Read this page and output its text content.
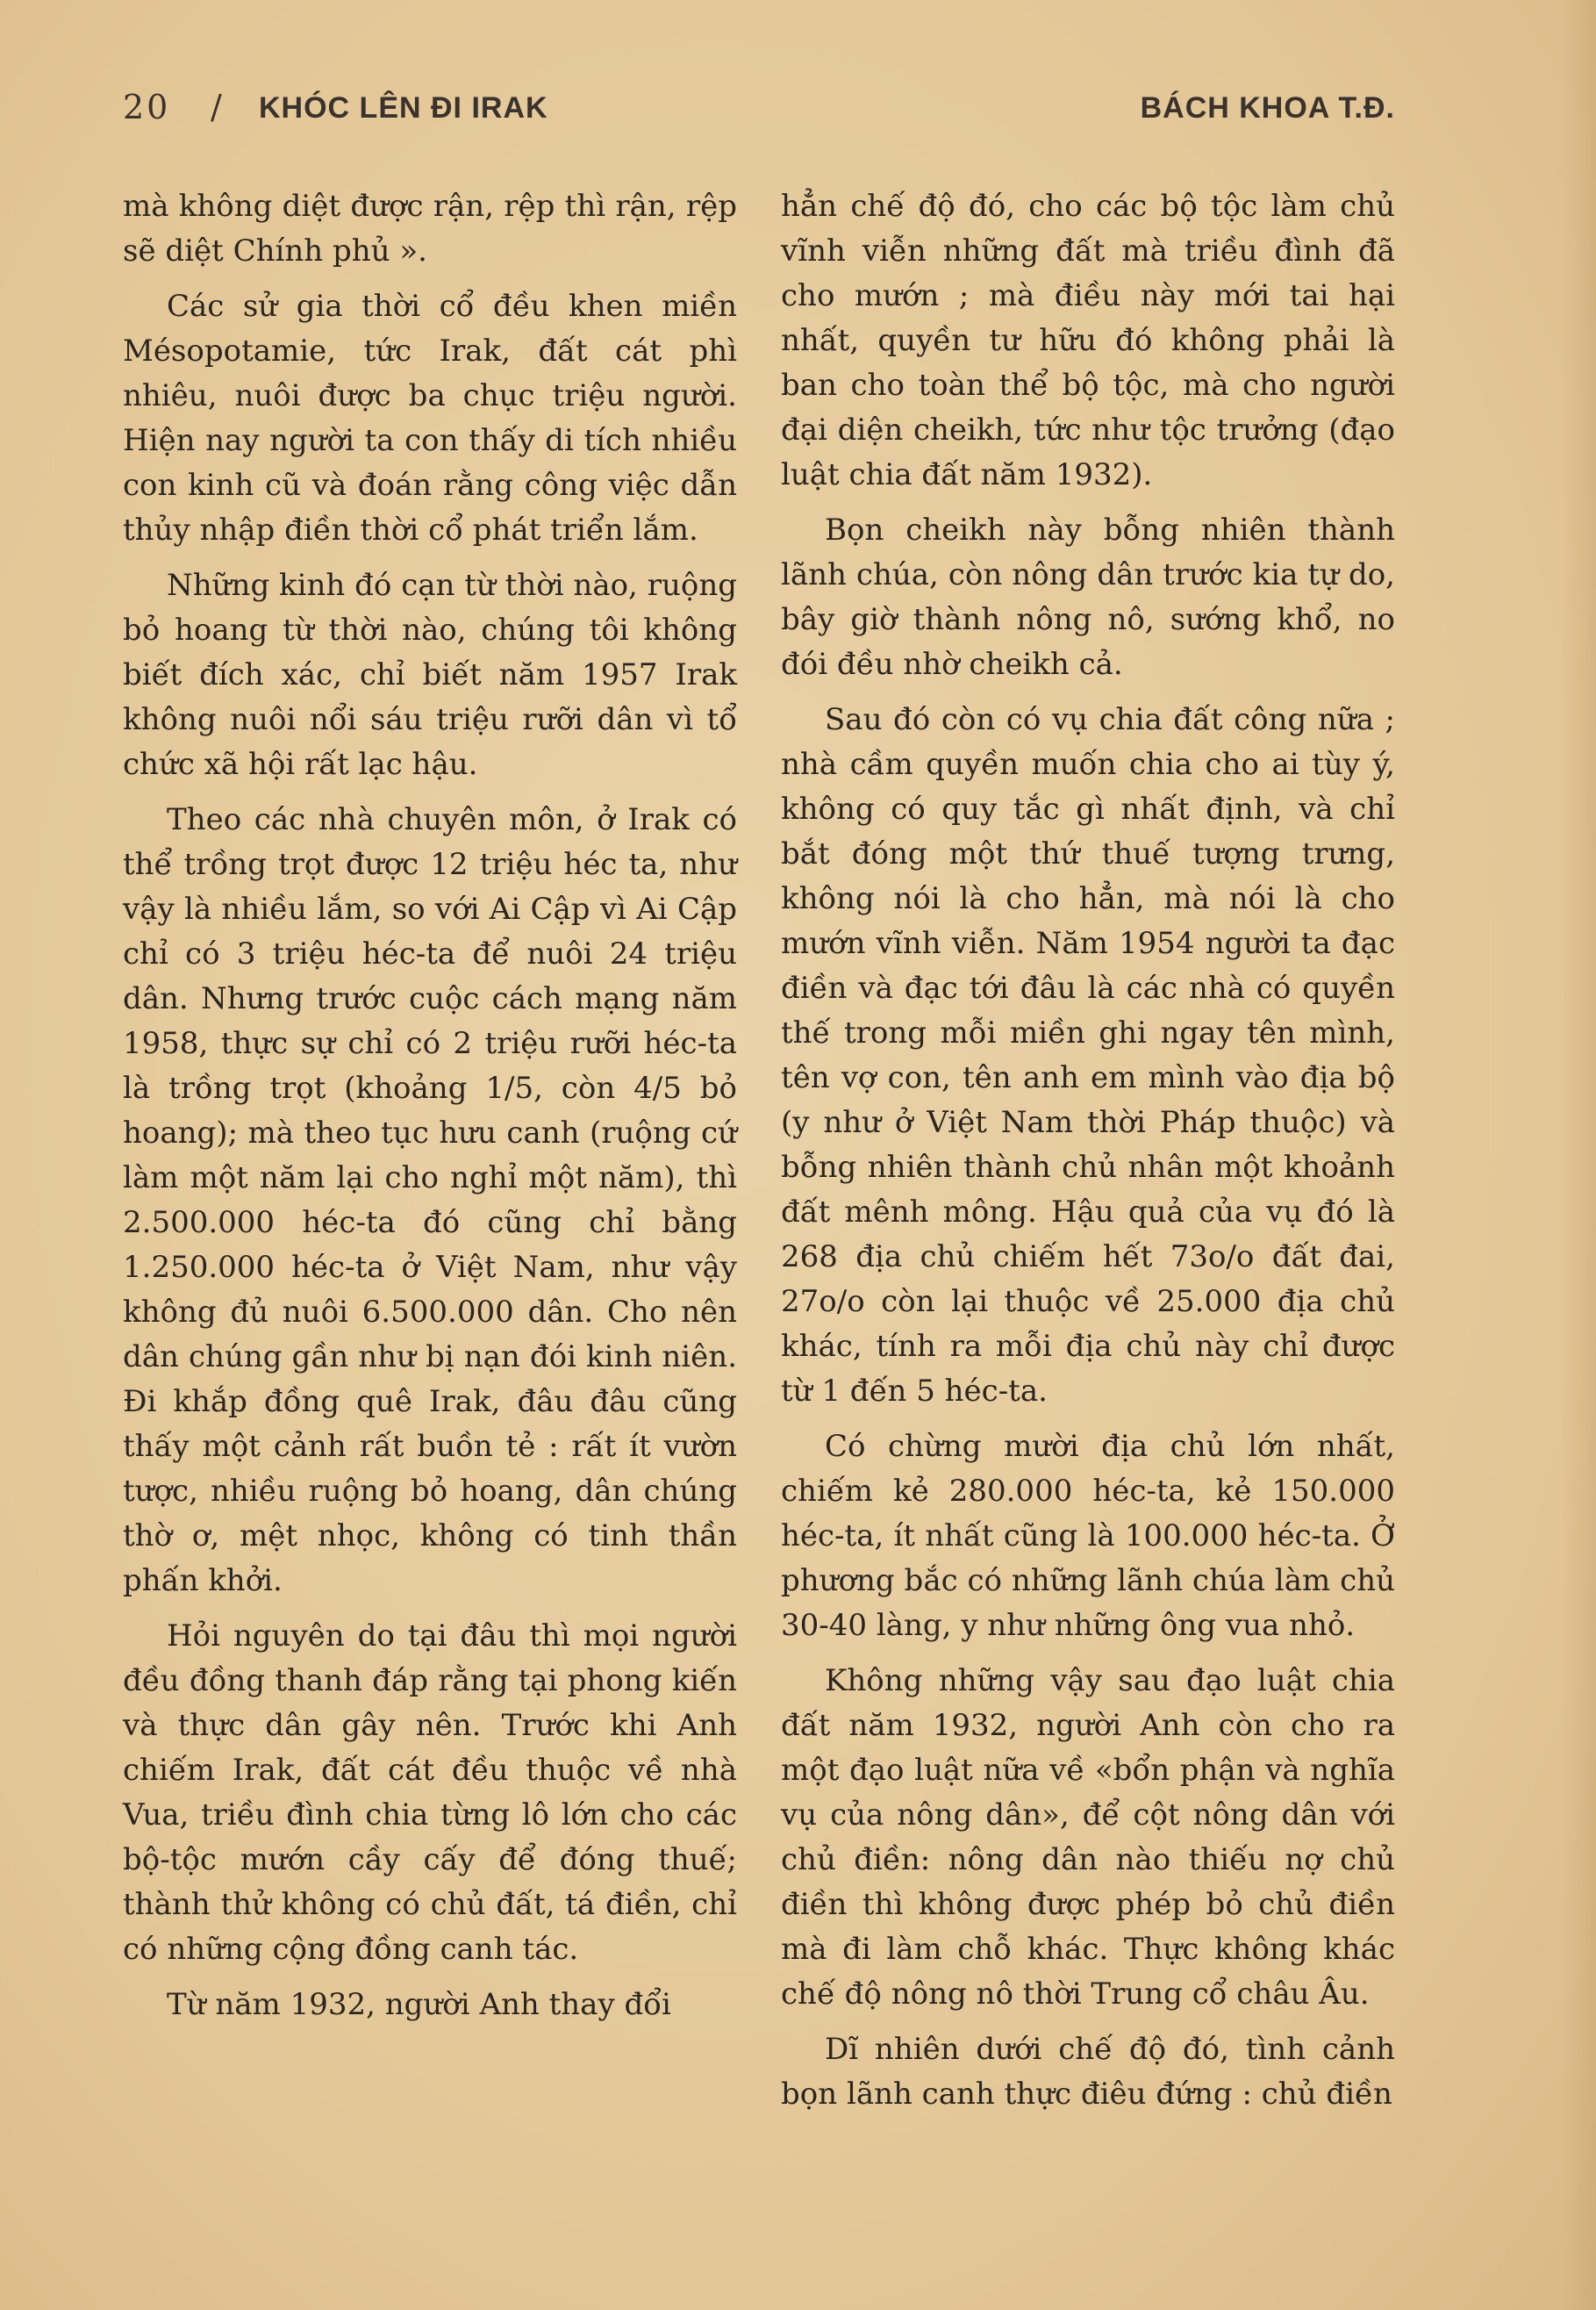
20 / KHÓC LÊN ĐI IRAK	BÁCH KHOA T.Đ.

mà không diệt được rận, rệp thì rận, rệp sẽ diệt Chính phủ ».

Các sử gia thời cổ đều khen miền Mésopotamie, tức Irak, đất cát phì nhiêu, nuôi được ba chục triệu người. Hiện nay người ta con thấy di tích nhiều con kinh cũ và đoán rằng công việc dẫn thủy nhập điền thời cổ phát triển lắm.

Những kinh đó cạn từ thời nào, ruộng bỏ hoang từ thời nào, chúng tôi không biết đích xác, chỉ biết năm 1957 Irak không nuôi nổi sáu triệu rưỡi dân vì tổ chức xã hội rất lạc hậu.

Theo các nhà chuyên môn, ở Irak có thể trồng trọt được 12 triệu héc ta, như vậy là nhiều lắm, so với Ai Cập vì Ai Cập chỉ có 3 triệu héc-ta để nuôi 24 triệu dân. Nhưng trước cuộc cách mạng năm 1958, thực sự chỉ có 2 triệu rưỡi héc-ta là trồng trọt (khoảng 1/5, còn 4/5 bỏ hoang); mà theo tục hưu canh (ruộng cứ làm một năm lại cho nghỉ một năm), thì 2.500.000 héc-ta đó cũng chỉ bằng 1.250.000 héc-ta ở Việt Nam, như vậy không đủ nuôi 6.500.000 dân. Cho nên dân chúng gần như bị nạn đói kinh niên. Đi khắp đồng quê Irak, đâu đâu cũng thấy một cảnh rất buồn tẻ : rất ít vườn tược, nhiều ruộng bỏ hoang, dân chúng thờ ơ, mệt nhọc, không có tinh thần phấn khởi.

Hỏi nguyên do tại đâu thì mọi người đều đồng thanh đáp rằng tại phong kiến và thực dân gây nên. Trước khi Anh chiếm Irak, đất cát đều thuộc về nhà Vua, triều đình chia từng lô lớn cho các bộ-tộc mướn cầy cấy để đóng thuế; thành thử không có chủ đất, tá điền, chỉ có những cộng đồng canh tác.

Từ năm 1932, người Anh thay đổi

hẳn chế độ đó, cho các bộ tộc làm chủ vĩnh viễn những đất mà triều đình đã cho mướn ; mà điều này mới tai hại nhất, quyền tư hữu đó không phải là ban cho toàn thể bộ tộc, mà cho người đại diện cheikh, tức như tộc trưởng (đạo luật chia đất năm 1932).

Bọn cheikh này bỗng nhiên thành lãnh chúa, còn nông dân trước kia tự do, bây giờ thành nông nô, sướng khổ, no đói đều nhờ cheikh cả.

Sau đó còn có vụ chia đất công nữa ; nhà cầm quyền muốn chia cho ai tùy ý, không có quy tắc gì nhất định, và chỉ bắt đóng một thứ thuế tượng trưng, không nói là cho hẳn, mà nói là cho mướn vĩnh viễn. Năm 1954 người ta đạc điền và đạc tới đâu là các nhà có quyền thế trong mỗi miền ghi ngay tên mình, tên vợ con, tên anh em mình vào địa bộ (y như ở Việt Nam thời Pháp thuộc) và bỗng nhiên thành chủ nhân một khoảnh đất mênh mông. Hậu quả của vụ đó là 268 địa chủ chiếm hết 73o/o đất đai, 27o/o còn lại thuộc về 25.000 địa chủ khác, tính ra mỗi địa chủ này chỉ được từ 1 đến 5 héc-ta.

Có chừng mười địa chủ lớn nhất, chiếm kẻ 280.000 héc-ta, kẻ 150.000 héc-ta, ít nhất cũng là 100.000 héc-ta. Ở phương bắc có những lãnh chúa làm chủ 30-40 làng, y như những ông vua nhỏ.

Không những vậy sau đạo luật chia đất năm 1932, người Anh còn cho ra một đạo luật nữa về «bổn phận và nghĩa vụ của nông dân», để cột nông dân với chủ điền: nông dân nào thiếu nợ chủ điền thì không được phép bỏ chủ điền mà đi làm chỗ khác. Thực không khác chế độ nông nô thời Trung cổ châu Âu.

Dĩ nhiên dưới chế độ đó, tình cảnh bọn lãnh canh thực điêu đứng : chủ điền
